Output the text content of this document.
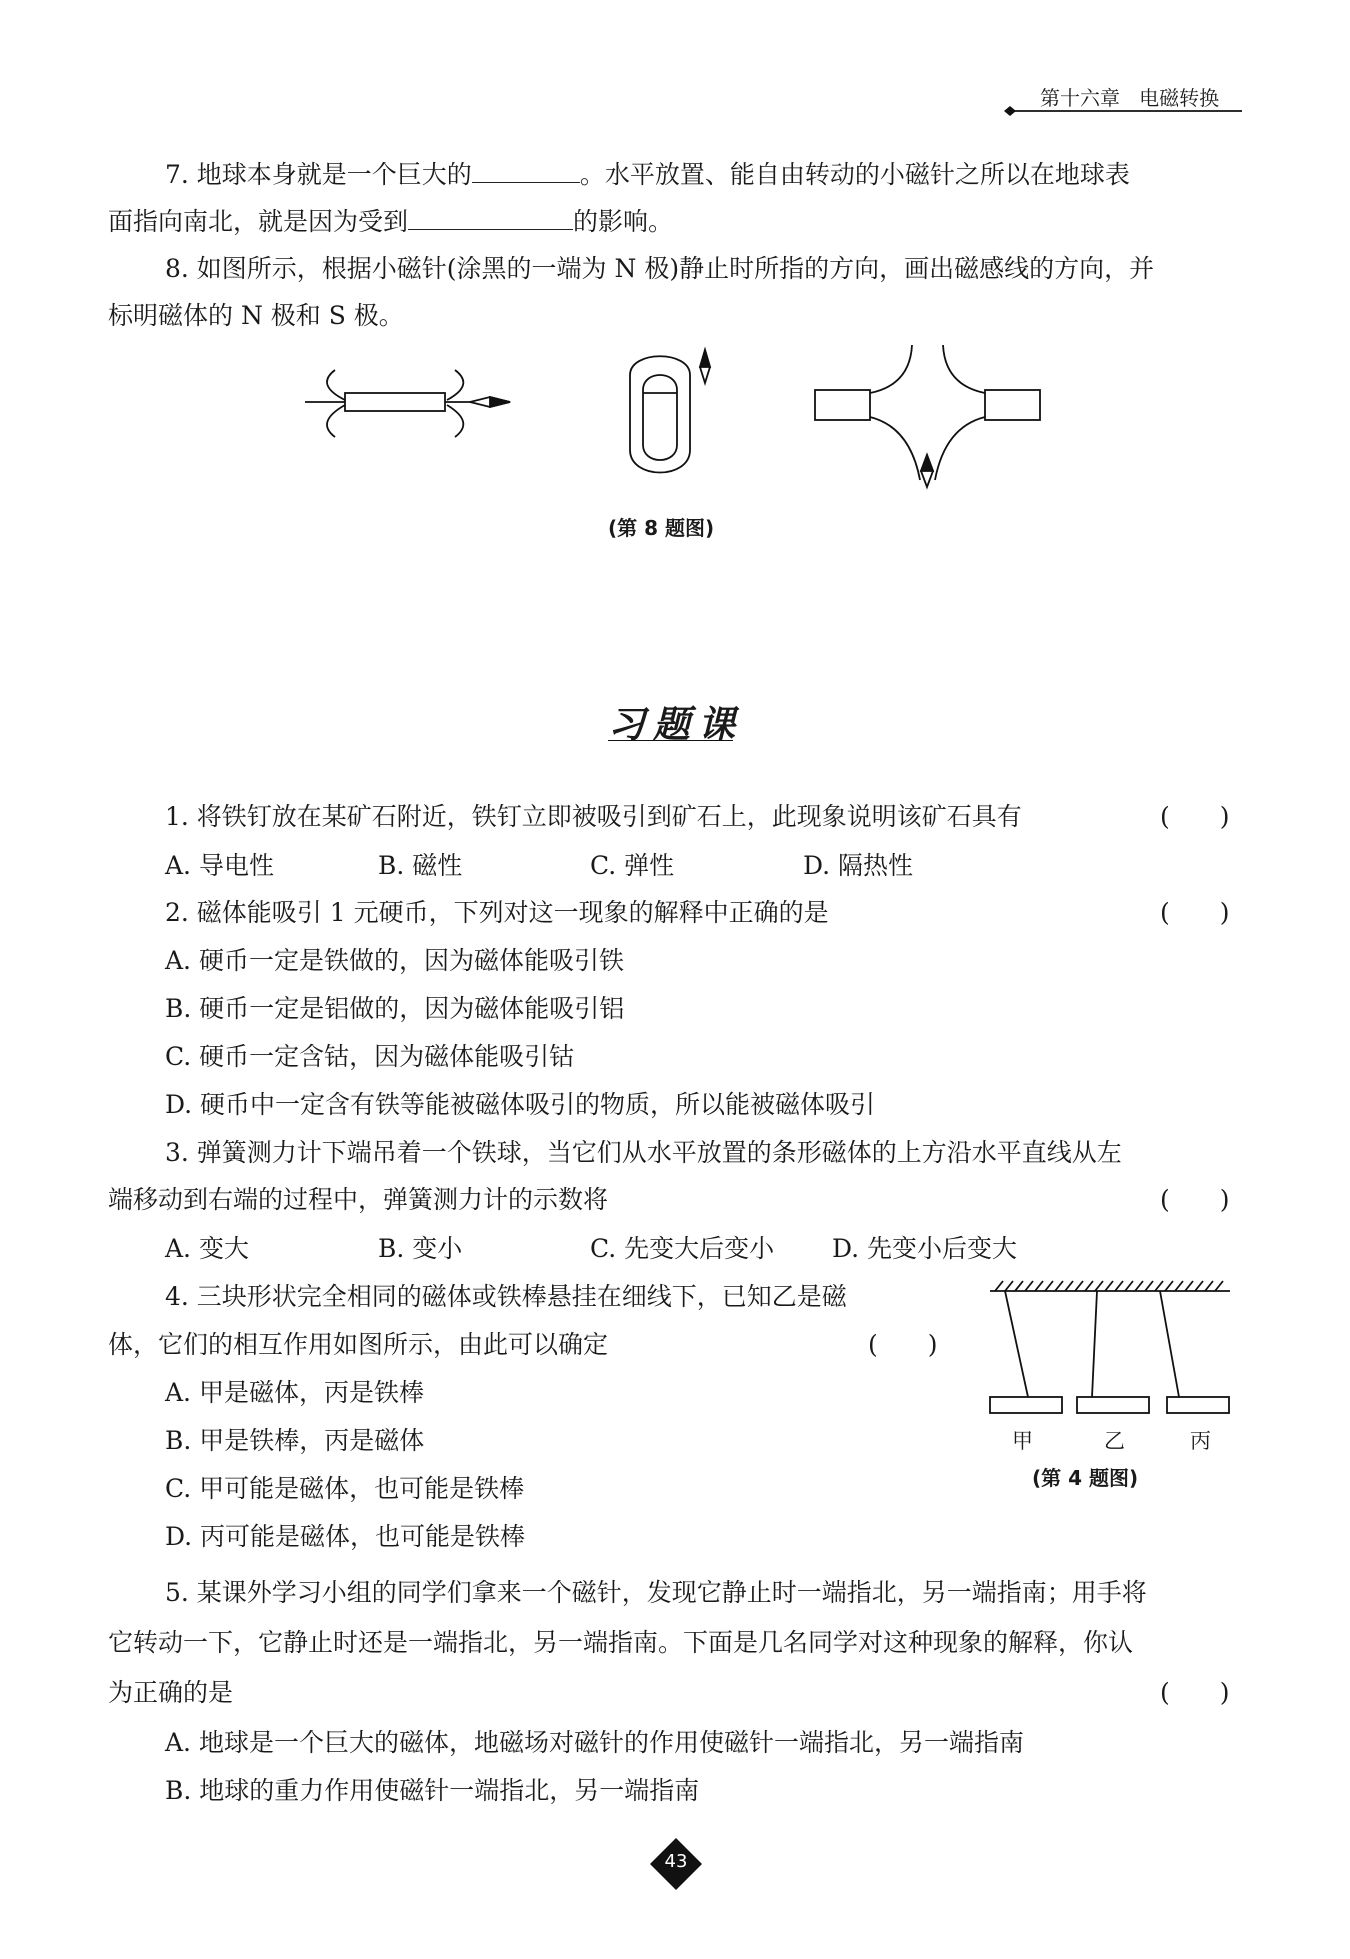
第十六章 电磁转换
7. 地球本身就是一个巨大的	。水平放置、能自由转动的小磁针之所以在地球表
面指向南北，就是因为受到	的影响。
8. 如图所示，根据小磁针(涂黑的一端为 N 极)静止时所指的方向，画出磁感线的方向，并
标明磁体的 N 极和 S 极。
(第 8 题图)
习题课
1. 将铁钉放在某矿石附近，铁钉立即被吸引到矿石上，此现象说明该矿石具有	(　　)
A. 导电性	B. 磁性	C. 弹性	D. 隔热性
2. 磁体能吸引 1 元硬币，下列对这一现象的解释中正确的是	(　　)
A. 硬币一定是铁做的，因为磁体能吸引铁
B. 硬币一定是铝做的，因为磁体能吸引铝
C. 硬币一定含钴，因为磁体能吸引钴
D. 硬币中一定含有铁等能被磁体吸引的物质，所以能被磁体吸引
3. 弹簧测力计下端吊着一个铁球，当它们从水平放置的条形磁体的上方沿水平直线从左
端移动到右端的过程中，弹簧测力计的示数将	(　　)
A. 变大	B. 变小	C. 先变大后变小 D. 先变小后变大
4. 三块形状完全相同的磁体或铁棒悬挂在细线下，已知乙是磁
体，它们的相互作用如图所示，由此可以确定	(　　)
A. 甲是磁体，丙是铁棒
B. 甲是铁棒，丙是磁体
C. 甲可能是磁体，也可能是铁棒
D. 丙可能是磁体，也可能是铁棒
甲	乙	丙
(第 4 题图)
5. 某课外学习小组的同学们拿来一个磁针，发现它静止时一端指北，另一端指南；用手将
它转动一下，它静止时还是一端指北，另一端指南。下面是几名同学对这种现象的解释，你认
为正确的是	(　　)
A. 地球是一个巨大的磁体，地磁场对磁针的作用使磁针一端指北，另一端指南
B. 地球的重力作用使磁针一端指北，另一端指南
43
